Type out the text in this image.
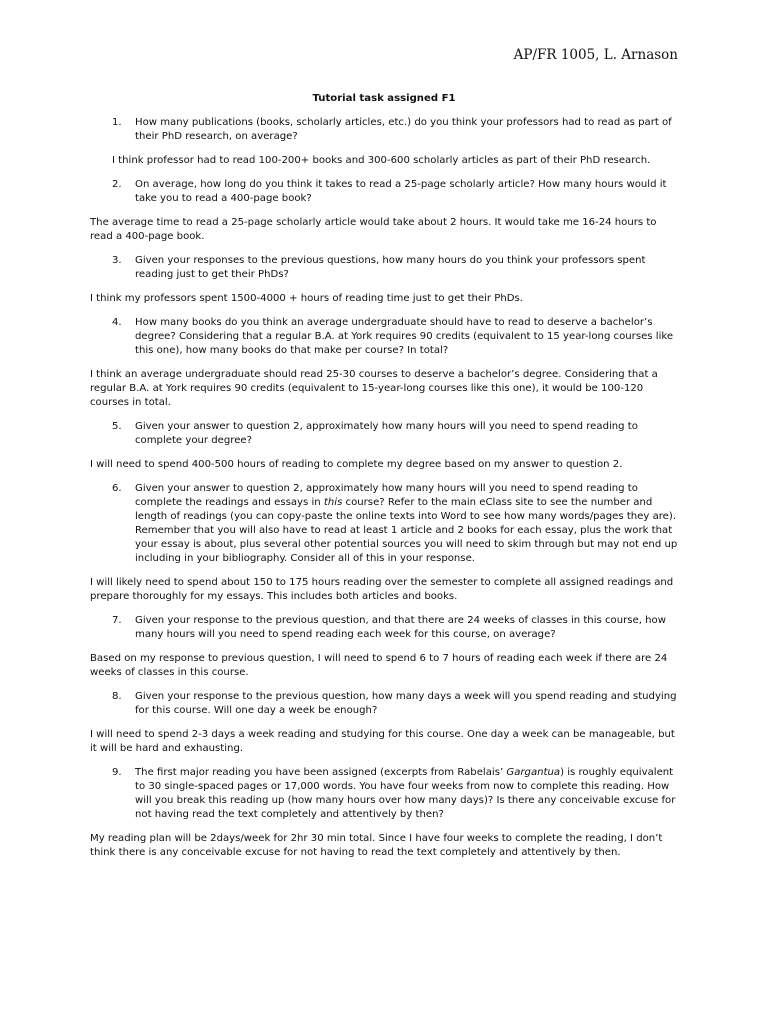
AP/FR 1005, L. Arnason
Tutorial task assigned F1
1. How many publications (books, scholarly articles, etc.) do you think your professors had to read as part of their PhD research, on average?
I think professor had to read 100-200+ books and 300-600 scholarly articles as part of their PhD research.
2. On average, how long do you think it takes to read a 25-page scholarly article? How many hours would it take you to read a 400-page book?
The average time to read a 25-page scholarly article would take about 2 hours. It would take me 16-24 hours to read a 400-page book.
3. Given your responses to the previous questions, how many hours do you think your professors spent reading just to get their PhDs?
I think my professors spent 1500-4000 + hours of reading time just to get their PhDs.
4. How many books do you think an average undergraduate should have to read to deserve a bachelor’s degree? Considering that a regular B.A. at York requires 90 credits (equivalent to 15 year-long courses like this one), how many books do that make per course? In total?
I think an average undergraduate should read 25-30 courses to deserve a bachelor’s degree. Considering that a regular B.A. at York requires 90 credits (equivalent to 15-year-long courses like this one), it would be 100-120 courses in total.
5. Given your answer to question 2, approximately how many hours will you need to spend reading to complete your degree?
I will need to spend 400-500 hours of reading to complete my degree based on my answer to question 2.
6. Given your answer to question 2, approximately how many hours will you need to spend reading to complete the readings and essays in this course? Refer to the main eClass site to see the number and length of readings (you can copy-paste the online texts into Word to see how many words/pages they are). Remember that you will also have to read at least 1 article and 2 books for each essay, plus the work that your essay is about, plus several other potential sources you will need to skim through but may not end up including in your bibliography. Consider all of this in your response.
I will likely need to spend about 150 to 175 hours reading over the semester to complete all assigned readings and prepare thoroughly for my essays. This includes both articles and books.
7. Given your response to the previous question, and that there are 24 weeks of classes in this course, how many hours will you need to spend reading each week for this course, on average?
Based on my response to previous question, I will need to spend 6 to 7 hours of reading each week if there are 24 weeks of classes in this course.
8. Given your response to the previous question, how many days a week will you spend reading and studying for this course. Will one day a week be enough?
I will need to spend 2-3 days a week reading and studying for this course. One day a week can be manageable, but it will be hard and exhausting.
9. The first major reading you have been assigned (excerpts from Rabelais’ Gargantua) is roughly equivalent to 30 single-spaced pages or 17,000 words. You have four weeks from now to complete this reading. How will you break this reading up (how many hours over how many days)? Is there any conceivable excuse for not having read the text completely and attentively by then?
My reading plan will be 2days/week for 2hr 30 min total. Since I have four weeks to complete the reading, I don’t think there is any conceivable excuse for not having to read the text completely and attentively by then.
